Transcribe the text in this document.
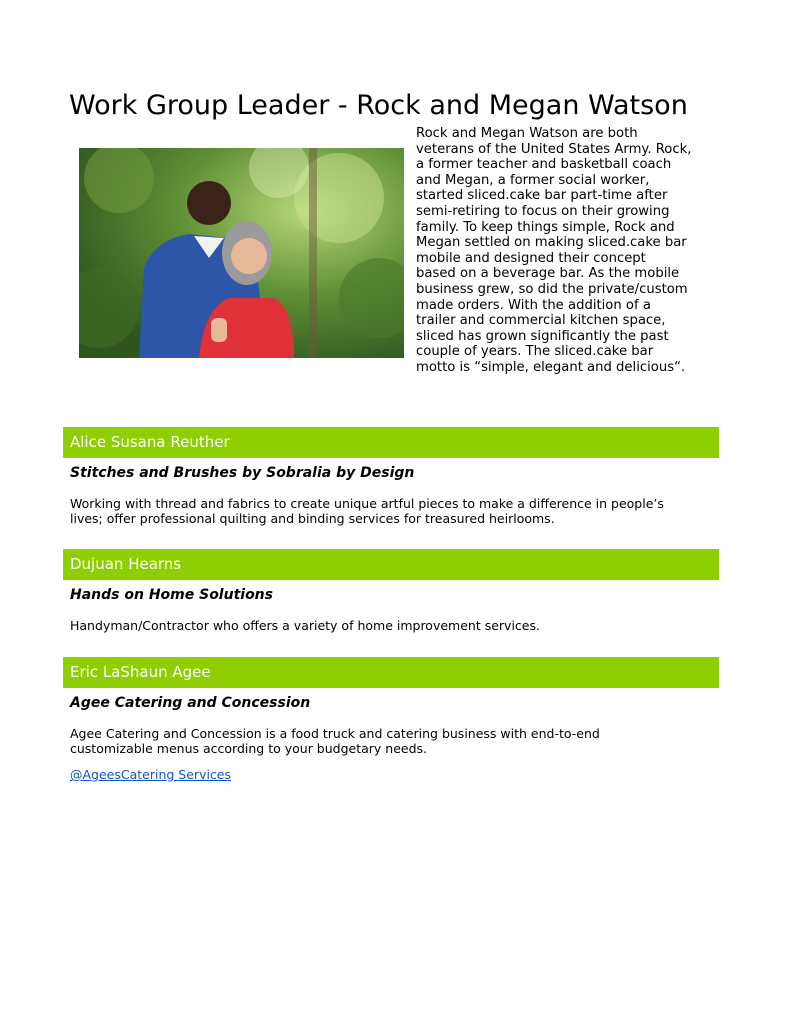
Work Group Leader - Rock and Megan Watson
Rock and Megan Watson are both
veterans of the United States Army. Rock,
a former teacher and basketball coach
and Megan, a former social worker,
started sliced.cake bar part-time after
semi-retiring to focus on their growing
family. To keep things simple, Rock and
Megan settled on making sliced.cake bar
mobile and designed their concept
based on a beverage bar. As the mobile
business grew, so did the private/custom
made orders. With the addition of a
trailer and commercial kitchen space,
sliced has grown significantly the past
couple of years. The sliced.cake bar
motto is “simple, elegant and delicious“.
Alice Susana Reuther
Stitches and Brushes by Sobralia by Design
Working with thread and fabrics to create unique artful pieces to make a difference in people’s
lives; offer professional quilting and binding services for treasured heirlooms.
Dujuan Hearns
Hands on Home Solutions
Handyman/Contractor who offers a variety of home improvement services.
Eric LaShaun Agee
Agee Catering and Concession
Agee Catering and Concession is a food truck and catering business with end-to-end
customizable menus according to your budgetary needs.
@AgeesCatering Services
